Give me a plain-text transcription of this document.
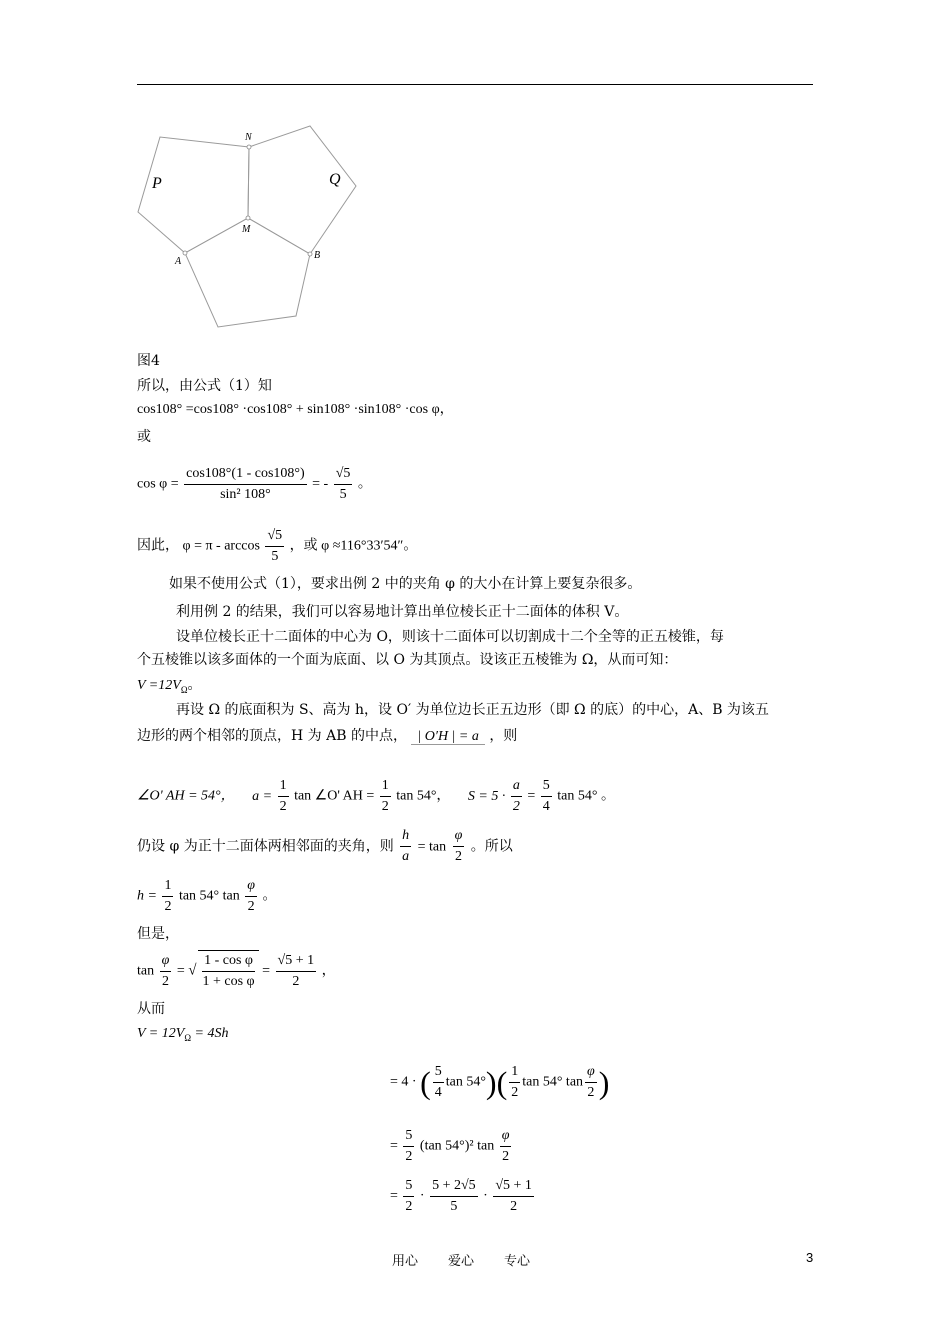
N
M
A
B
P	Q
图4
所以，由公式（1）知
cos108° =cos108° ·cos108° + sin108° ·sin108° ·cos φ，
或
$\cos \varphi = \frac{\cos 108^\circ(1 - \cos 108^\circ)}{\text{sin² 108°}}$ = - $\frac{√5}{5}$ 。
因此， $\varphi = \pi - \arccos \frac{√5}{5}$ ，或 φ ≈116°33′54″。
如果不使用公式（1），要求出例 2 中的夹角 φ 的大小在计算上要复杂很多。
利用例 2 的结果，我们可以容易地计算出单位棱长正十二面体的体积 V。
设单位棱长正十二面体的中心为 O，则该十二面体可以切割成十二个全等的正五棱锥，每
个五棱锥以该多面体的一个面为底面、以 O 为其顶点。设该正五棱锥为 Ω，从而可知：
$V =12V_\Omega$。
再设 Ω 的底面积为 S、高为 h，设 O′ 为单位边长正五边形（即 Ω 的底）的中心，A、B 为该五
边形的两个相邻的顶点，H 为 AB 的中点， | O′H | = a ，则
∠O' AH = 54°， $a = \frac{1}{2}$ tan ∠O' AH = $\frac{1}{2}$ tan 54°， $S = 5 \cdot \frac{a}{2} = \frac{5}{4}$ tan 54° 。
仍设 φ 为正十二面体两相邻面的夹角，则 $\frac{h}{a} = \tan \frac{\varphi}{2}$ 。所以
$h = \frac{1}{2}$ tan 54° $\tan \frac{\varphi}{2}$ 。
但是，
$\tan \frac{\varphi}{2}$ = √ $\frac{\text{1 - cos φ}}{\text{1 + cos φ}} = \frac{√5 + 1}{2}$ ，
从而
$V = 12V_\Omega = 4Sh$
= 4 · ( $\frac{5}{4}$ $\tan 54^\circ)( \frac{1}{2}$ tan 54° $\tan \frac{\varphi}{2}$ )
= $\frac{5}{2} (\tan$ 54°)² $\tan \frac{\varphi}{2}$
= $\frac{5}{2} \cdot \frac{5 + 2√5}{5} \cdot \frac{√5 + 1}{2}$
用心 爱心 专心	3
